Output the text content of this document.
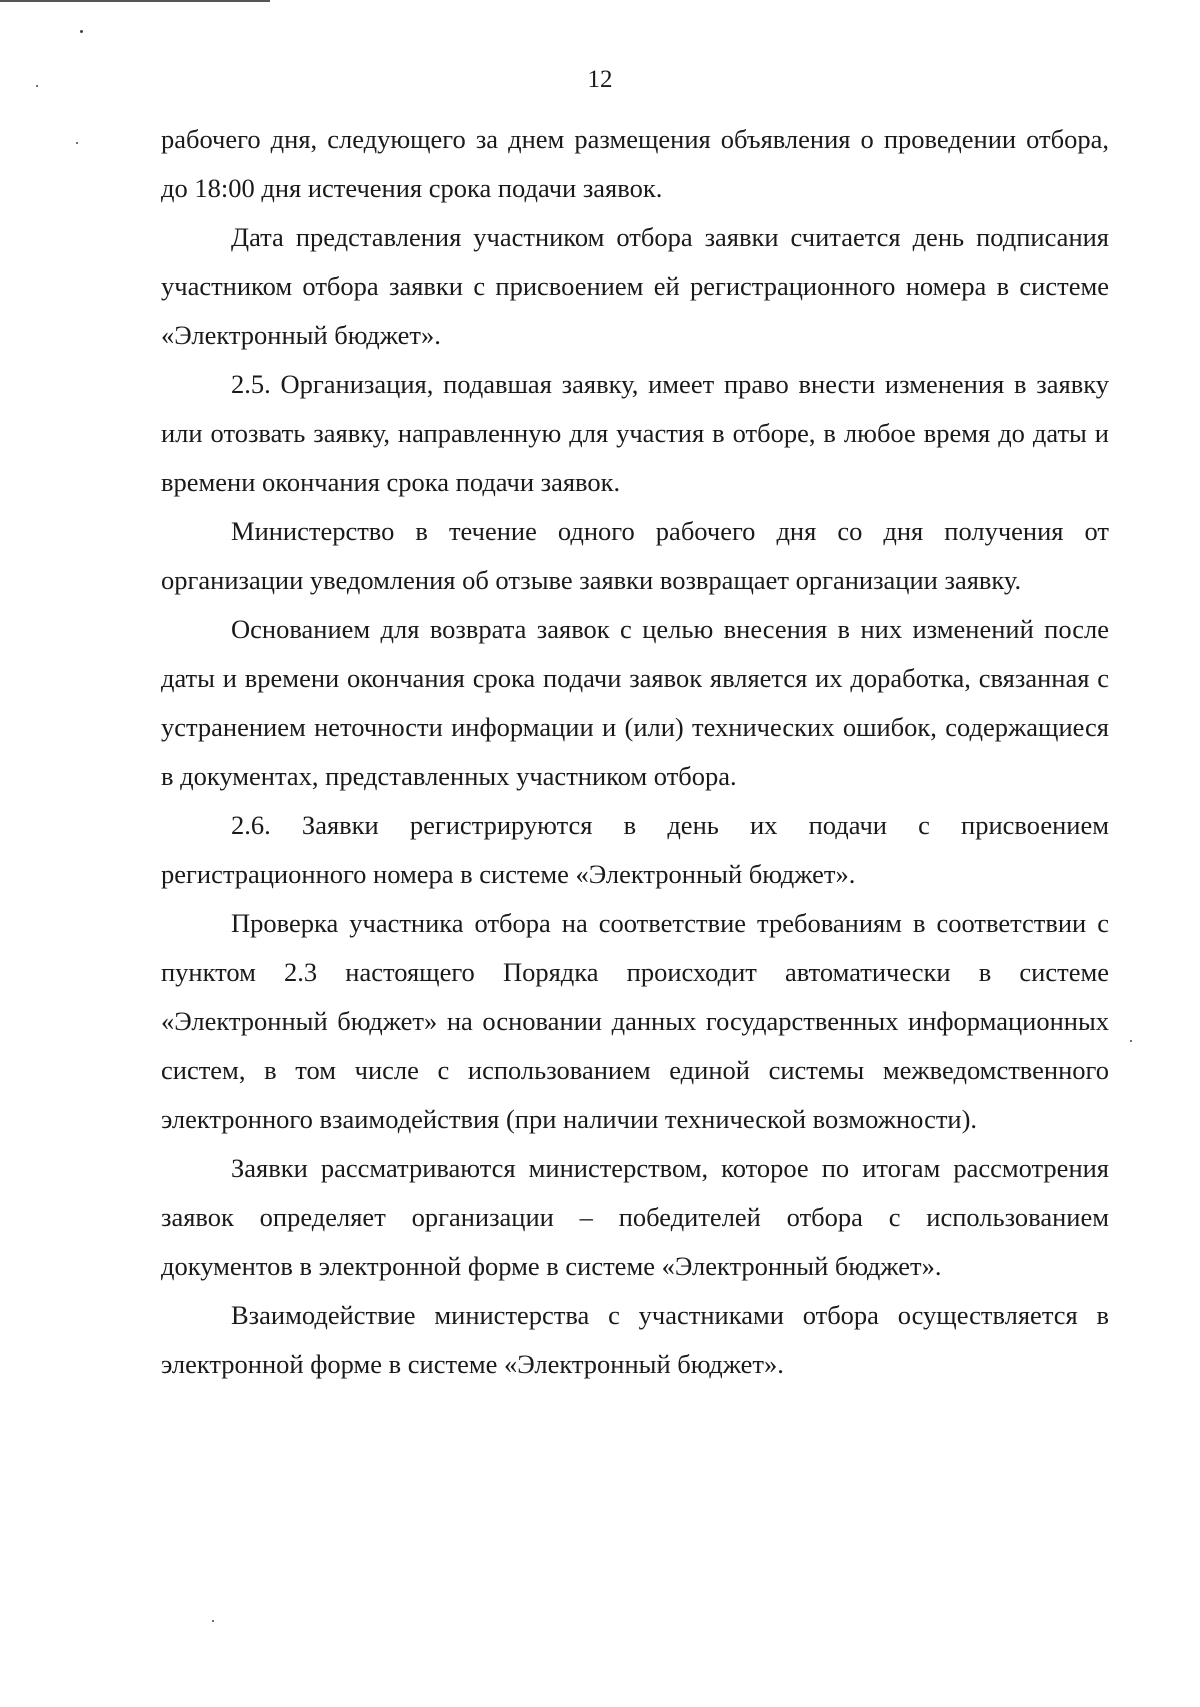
12

рабочего дня, следующего за днем размещения объявления о проведении отбора, до 18:00 дня истечения срока подачи заявок.

Дата представления участником отбора заявки считается день подписания участником отбора заявки с присвоением ей регистрационного номера в системе «Электронный бюджет».

2.5. Организация, подавшая заявку, имеет право внести изменения в заявку или отозвать заявку, направленную для участия в отборе, в любое время до даты и времени окончания срока подачи заявок.

Министерство в течение одного рабочего дня со дня получения от организации уведомления об отзыве заявки возвращает организации заявку.

Основанием для возврата заявок с целью внесения в них изменений после даты и времени окончания срока подачи заявок является их доработка, связанная с устранением неточности информации и (или) технических ошибок, содержащиеся в документах, представленных участником отбора.

2.6. Заявки регистрируются в день их подачи с присвоением регистрационного номера в системе «Электронный бюджет».

Проверка участника отбора на соответствие требованиям в соответствии с пунктом 2.3 настоящего Порядка происходит автоматически в системе «Электронный бюджет» на основании данных государственных информационных систем, в том числе с использованием единой системы межведомственного электронного взаимодействия (при наличии технической возможности).

Заявки рассматриваются министерством, которое по итогам рассмотрения заявок определяет организации – победителей отбора с использованием документов в электронной форме в системе «Электронный бюджет».

Взаимодействие министерства с участниками отбора осуществляется в электронной форме в системе «Электронный бюджет».
